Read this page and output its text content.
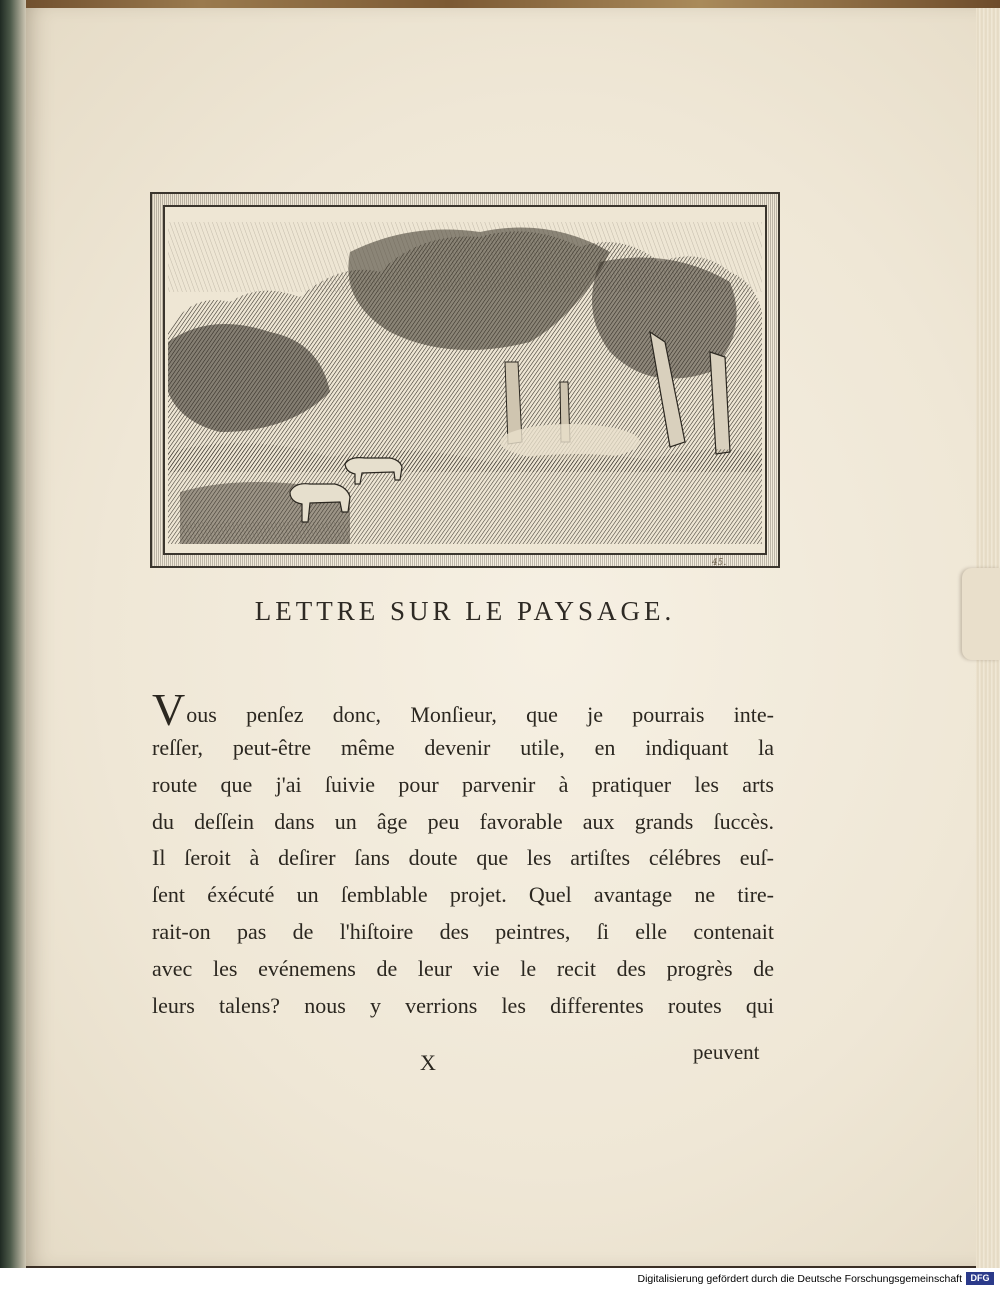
45.
LETTRE SUR LE PAYSAGE.
Vous penſez donc, Monſieur, que je pourrais inte-
reſſer, peut-être même devenir utile, en indiquant la
route que j'ai ſuivie pour parvenir à pratiquer les arts
du deſſein dans un âge peu favorable aux grands ſuccès.
Il ſeroit à deſirer ſans doute que les artiſtes célébres euſ-
ſent éxécuté un ſemblable projet. Quel avantage ne tire-
rait-on pas de l'hiſtoire des peintres, ſi elle contenait
avec les evénemens de leur vie le recit des progrès de
leurs talens? nous y verrions les differentes routes qui
X	peuvent
Digitalisierung gefördert durch die Deutsche Forschungsgemeinschaft DFG
